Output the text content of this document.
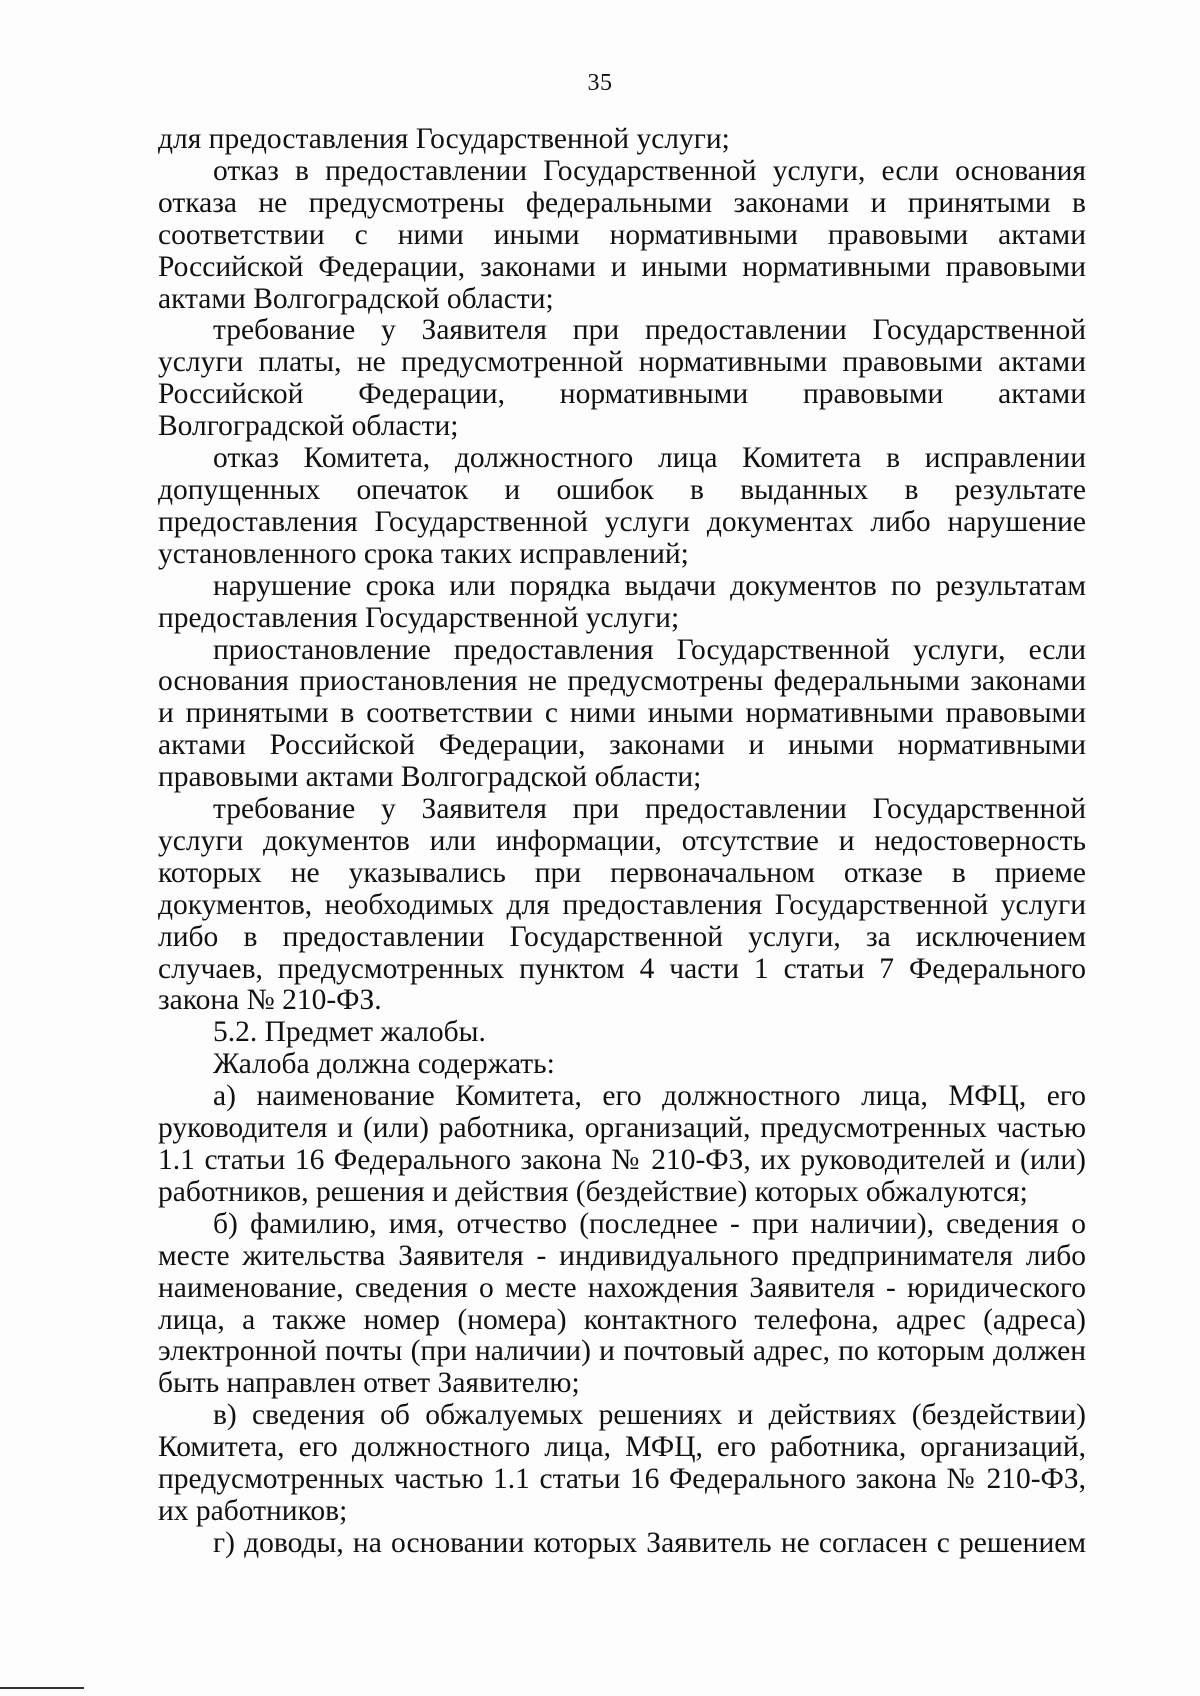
35

для предоставления Государственной услуги;

отказ в предоставлении Государственной услуги, если основания отказа не предусмотрены федеральными законами и принятыми в соответствии с ними иными нормативными правовыми актами Российской Федерации, законами и иными нормативными правовыми актами Волгоградской области;

требование у Заявителя при предоставлении Государственной услуги платы, не предусмотренной нормативными правовыми актами Российской Федерации, нормативными правовыми актами Волгоградской области;

отказ Комитета, должностного лица Комитета в исправлении допущенных опечаток и ошибок в выданных в результате предоставления Государственной услуги документах либо нарушение установленного срока таких исправлений;

нарушение срока или порядка выдачи документов по результатам предоставления Государственной услуги;

приостановление предоставления Государственной услуги, если основания приостановления не предусмотрены федеральными законами и принятыми в соответствии с ними иными нормативными правовыми актами Российской Федерации, законами и иными нормативными правовыми актами Волгоградской области;

требование у Заявителя при предоставлении Государственной услуги документов или информации, отсутствие и недостоверность которых не указывались при первоначальном отказе в приеме документов, необходимых для предоставления Государственной услуги либо в предоставлении Государственной услуги, за исключением случаев, предусмотренных пунктом 4 части 1 статьи 7 Федерального закона № 210-ФЗ.

5.2. Предмет жалобы.

Жалоба должна содержать:

а) наименование Комитета, его должностного лица, МФЦ, его руководителя и (или) работника, организаций, предусмотренных частью 1.1 статьи 16 Федерального закона № 210-ФЗ, их руководителей и (или) работников, решения и действия (бездействие) которых обжалуются;

б) фамилию, имя, отчество (последнее - при наличии), сведения о месте жительства Заявителя - индивидуального предпринимателя либо наименование, сведения о месте нахождения Заявителя - юридического лица, а также номер (номера) контактного телефона, адрес (адреса) электронной почты (при наличии) и почтовый адрес, по которым должен быть направлен ответ Заявителю;

в) сведения об обжалуемых решениях и действиях (бездействии) Комитета, его должностного лица, МФЦ, его работника, организаций, предусмотренных частью 1.1 статьи 16 Федерального закона № 210-ФЗ, их работников;

г) доводы, на основании которых Заявитель не согласен с решением
